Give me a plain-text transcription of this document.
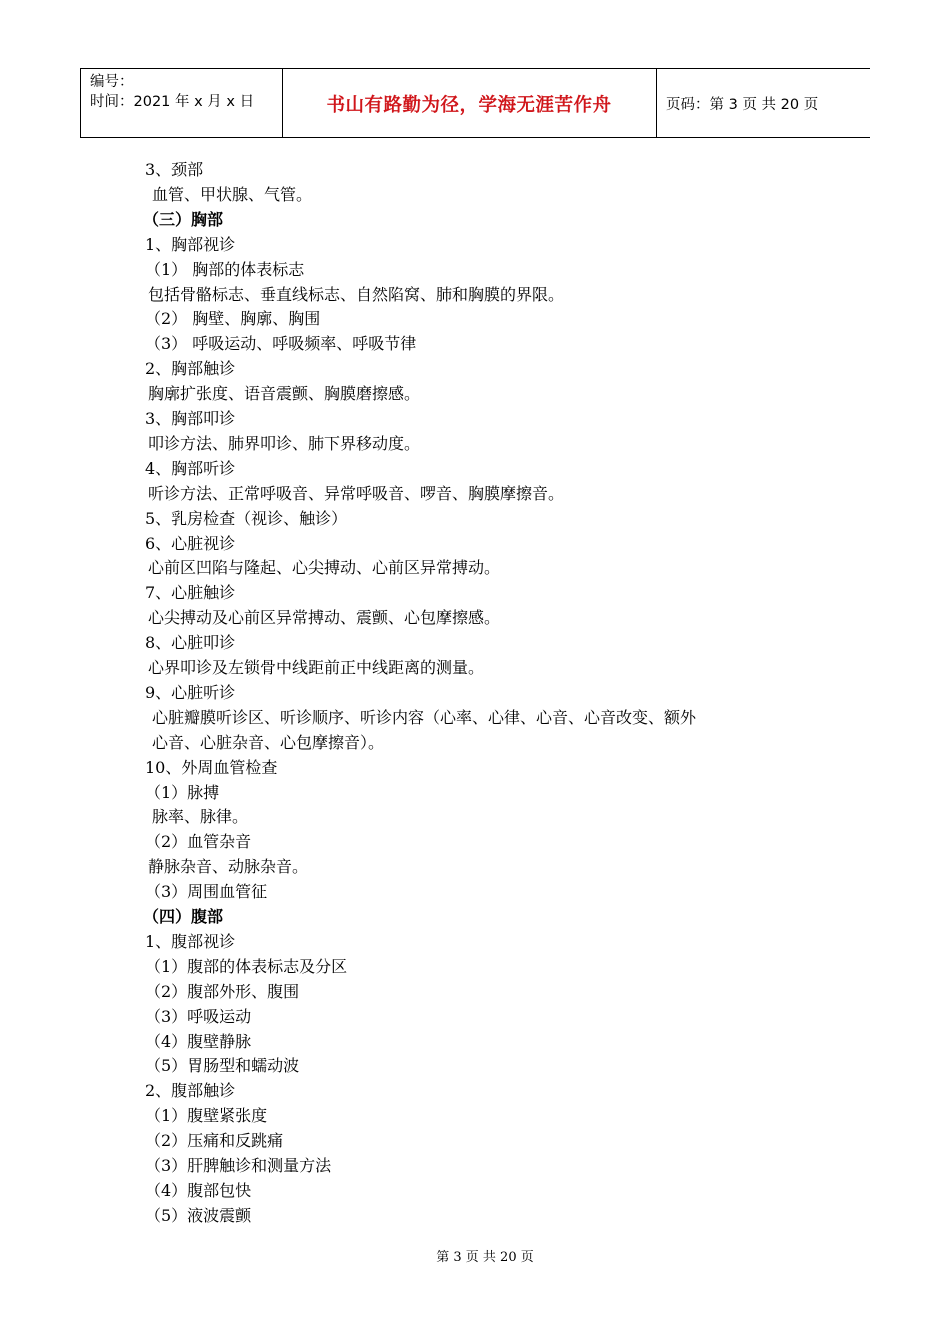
编号：
时间：2021 年 x 月 x 日	书山有路勤为径，学海无涯苦作舟	页码：第 3 页 共 20 页
3、颈部
血管、甲状腺、气管。
（三）胸部
1、胸部视诊
（1） 胸部的体表标志
包括骨骼标志、垂直线标志、自然陷窝、肺和胸膜的界限。
（2） 胸壁、胸廓、胸围
（3） 呼吸运动、呼吸频率、呼吸节律
2、胸部触诊
胸廓扩张度、语音震颤、胸膜磨擦感。
3、胸部叩诊
叩诊方法、肺界叩诊、肺下界移动度。
4、胸部听诊
听诊方法、正常呼吸音、异常呼吸音、啰音、胸膜摩擦音。
5、乳房检查（视诊、触诊）
6、心脏视诊
心前区凹陷与隆起、心尖搏动、心前区异常搏动。
7、心脏触诊
心尖搏动及心前区异常搏动、震颤、心包摩擦感。
8、心脏叩诊
心界叩诊及左锁骨中线距前正中线距离的测量。
9、心脏听诊
心脏瓣膜听诊区、听诊顺序、听诊内容（心率、心律、心音、心音改变、额外
心音、心脏杂音、心包摩擦音）。
10、外周血管检查
（1）脉搏
脉率、脉律。
（2）血管杂音
静脉杂音、动脉杂音。
（3）周围血管征
（四）腹部
1、腹部视诊
（1）腹部的体表标志及分区
（2）腹部外形、腹围
（3）呼吸运动
（4）腹壁静脉
（5）胃肠型和蠕动波
2、腹部触诊
（1）腹壁紧张度
（2）压痛和反跳痛
（3）肝脾触诊和测量方法
（4）腹部包快
（5）液波震颤
第 3 页 共 20 页
